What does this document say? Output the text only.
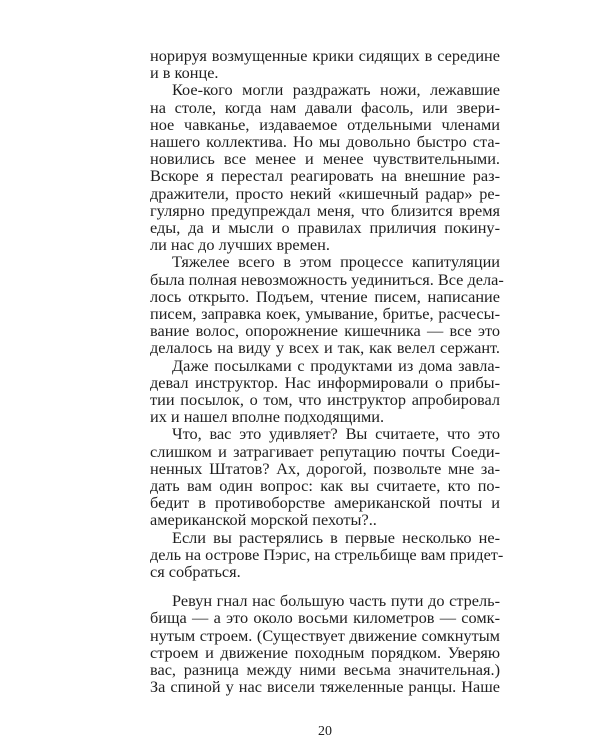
норируя возмущенные крики сидящих в середине
и в конце.
Кое-кого могли раздражать ножи, лежавшие
на столе, когда нам давали фасоль, или звери-
ное чавканье, издаваемое отдельными членами
нашего коллектива. Но мы довольно быстро ста-
новились все менее и менее чувствительными.
Вскоре я перестал реагировать на внешние раз-
дражители, просто некий «кишечный радар» ре-
гулярно предупреждал меня, что близится время
еды, да и мысли о правилах приличия покину-
ли нас до лучших времен.
Тяжелее всего в этом процессе капитуляции
была полная невозможность уединиться. Все дела-
лось открыто. Подъем, чтение писем, написание
писем, заправка коек, умывание, бритье, расчесы-
вание волос, опорожнение кишечника — все это
делалось на виду у всех и так, как велел сержант.
Даже посылками с продуктами из дома завла-
девал инструктор. Нас информировали о прибы-
тии посылок, о том, что инструктор апробировал
их и нашел вполне подходящими.
Что, вас это удивляет? Вы считаете, что это
слишком и затрагивает репутацию почты Соеди-
ненных Штатов? Ах, дорогой, позвольте мне за-
дать вам один вопрос: как вы считаете, кто по-
бедит в противоборстве американской почты и
американской морской пехоты?..
Если вы растерялись в первые несколько не-
дель на острове Пэрис, на стрельбище вам придет-
ся собраться.
Ревун гнал нас большую часть пути до стрель-
бища — а это около восьми километров — сомк-
нутым строем. (Существует движение сомкнутым
строем и движение походным порядком. Уверяю
вас, разница между ними весьма значительная.)
За спиной у нас висели тяжеленные ранцы. Наше
20
